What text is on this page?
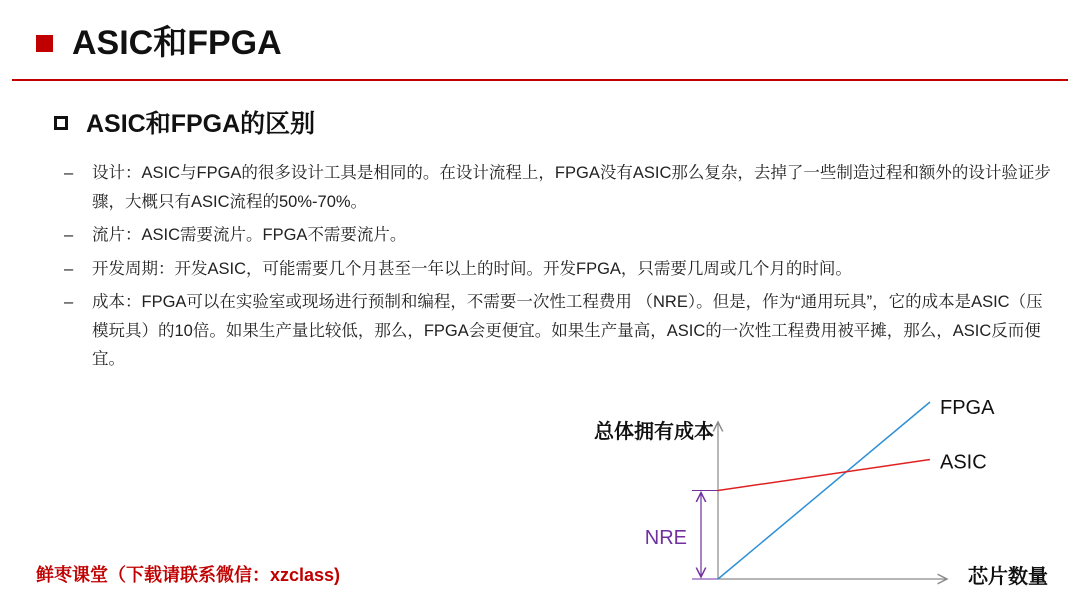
ASIC和FPGA
ASIC和FPGA的区别
– 设计：ASIC与FPGA的很多设计工具是相同的。在设计流程上，FPGA没有ASIC那么复杂，去掉了一些制造过程和额外的设计验证步骤，大概只有ASIC流程的50%-70%。
– 流片：ASIC需要流片。FPGA不需要流片。
– 开发周期：开发ASIC，可能需要几个月甚至一年以上的时间。开发FPGA，只需要几周或几个月的时间。
– 成本：FPGA可以在实验室或现场进行预制和编程，不需要一次性工程费用 （NRE）。但是，作为“通用玩具”，它的成本是ASIC（压模玩具）的10倍。如果生产量比较低，那么，FPGA会更便宜。如果生产量高，ASIC的一次性工程费用被平摊，那么，ASIC反而便宜。
总体拥有成本
芯片数量
FPGA
ASIC
NRE
鲜枣课堂（下载请联系微信：xzclass)
